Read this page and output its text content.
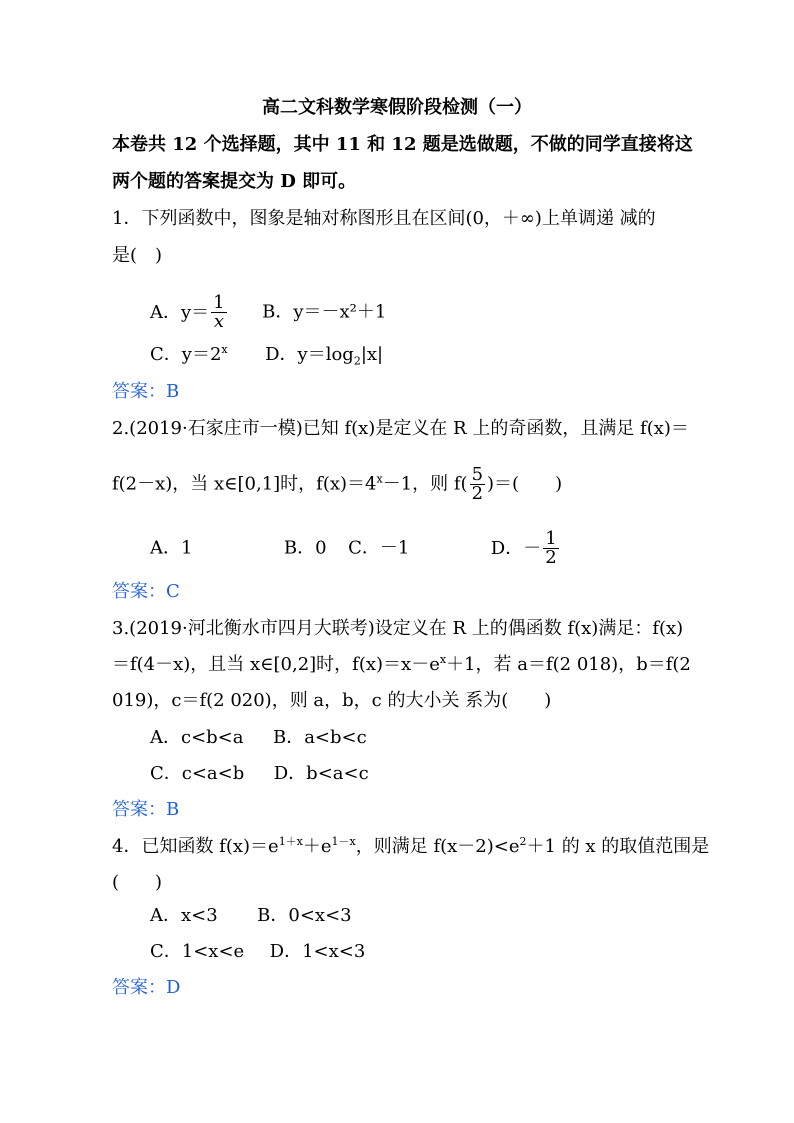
高二文科数学寒假阶段检测（一）
本卷共 12 个选择题，其中 11 和 12 题是选做题，不做的同学直接将这
两个题的答案提交为 D 即可。
1．下列函数中，图象是轴对称图形且在区间(0，＋∞)上单调递 减的
是(　)
A．$y= \frac{1}{x}$ B．y＝－x²＋1
C．$y=2^x$ D．$y=\log_2|x|$
答案：B
2.(2019·石家庄市一模)已知 f(x)是定义在 R 上的奇函数，且满足 f(x)＝
f(2－x)，当 x∈[0,1]时，$f(x)=4^x-1$，则 $f( \frac{5}{2}$ )＝(　　)
A．1	B．0 C．－1	D．－ $\frac{1}{2}$
答案：C
3.(2019·河北衡水市四月大联考)设定义在 R 上的偶函数 f(x)满足：f(x)
＝f(4－x)，且当 x∈[0,2]时，$f(x)=x-e^x+1$，若 a＝f(2 018)，b＝f(2
019)，c＝f(2 020)，则 a，b，c 的大小关 系为(　　)
A．c<b<a B．a<b<c
C．c<a<b D．b<a<c
答案：B
4．已知函数 $f(x)=e^{1+x}+e^{1-x}$，则满足 $f(x-2)<e^2+1$ 的 x 的取值范围是
(　　)
A．x<3 B．0<x<3
C．1<x<e D．1<x<3
答案：D
